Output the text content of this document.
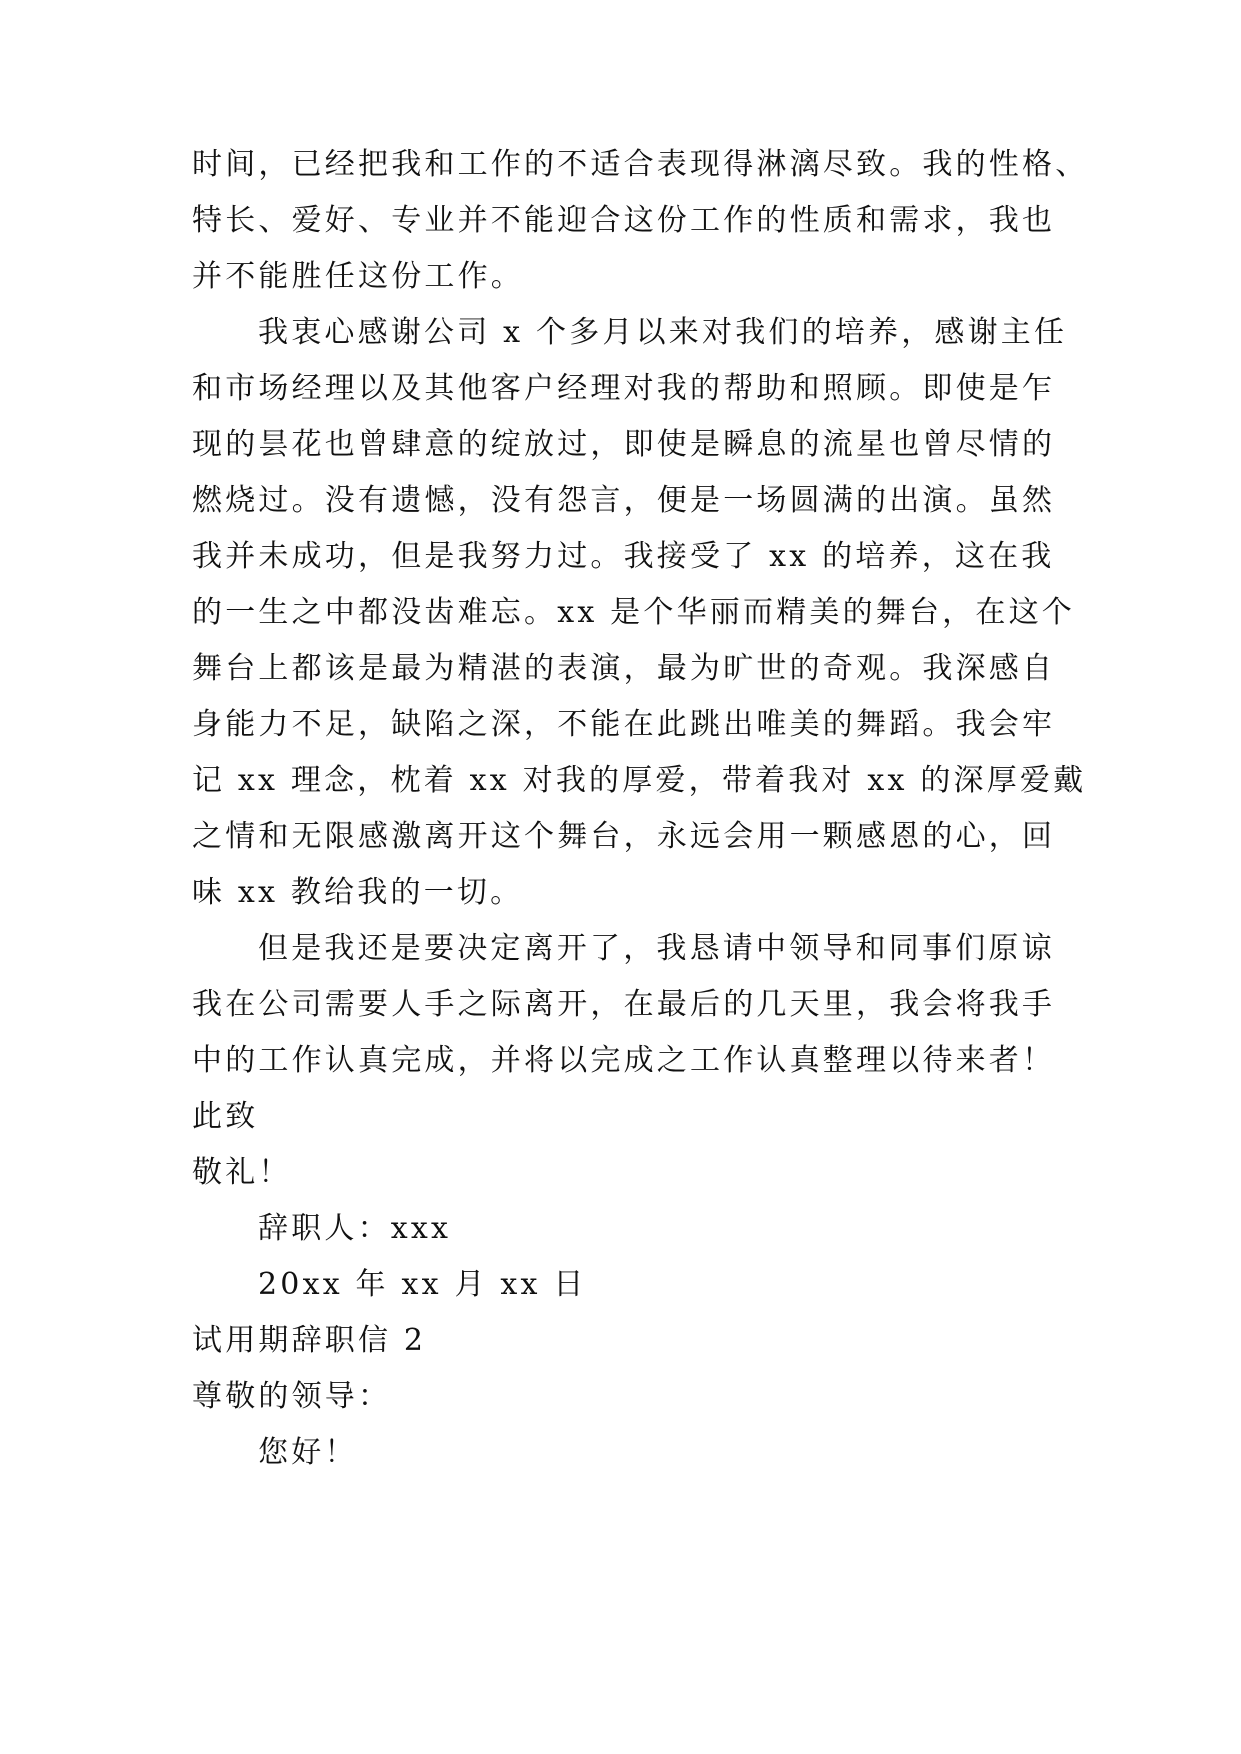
时间，已经把我和工作的不适合表现得淋漓尽致。我的性格、

特长、爱好、专业并不能迎合这份工作的性质和需求，我也

并不能胜任这份工作。

我衷心感谢公司 x 个多月以来对我们的培养，感谢主任

和市场经理以及其他客户经理对我的帮助和照顾。即使是乍

现的昙花也曾肆意的绽放过，即使是瞬息的流星也曾尽情的

燃烧过。没有遗憾，没有怨言，便是一场圆满的出演。虽然

我并未成功，但是我努力过。我接受了 xx 的培养，这在我

的一生之中都没齿难忘。xx 是个华丽而精美的舞台，在这个

舞台上都该是最为精湛的表演，最为旷世的奇观。我深感自

身能力不足，缺陷之深，不能在此跳出唯美的舞蹈。我会牢

记 xx 理念，枕着 xx 对我的厚爱，带着我对 xx 的深厚爱戴

之情和无限感激离开这个舞台，永远会用一颗感恩的心，回

味 xx 教给我的一切。

但是我还是要决定离开了，我恳请中领导和同事们原谅

我在公司需要人手之际离开，在最后的几天里，我会将我手

中的工作认真完成，并将以完成之工作认真整理以待来者！

此致

敬礼！

辞职人：xxx

20xx 年 xx 月 xx 日

试用期辞职信 2

尊敬的领导：

您好！
